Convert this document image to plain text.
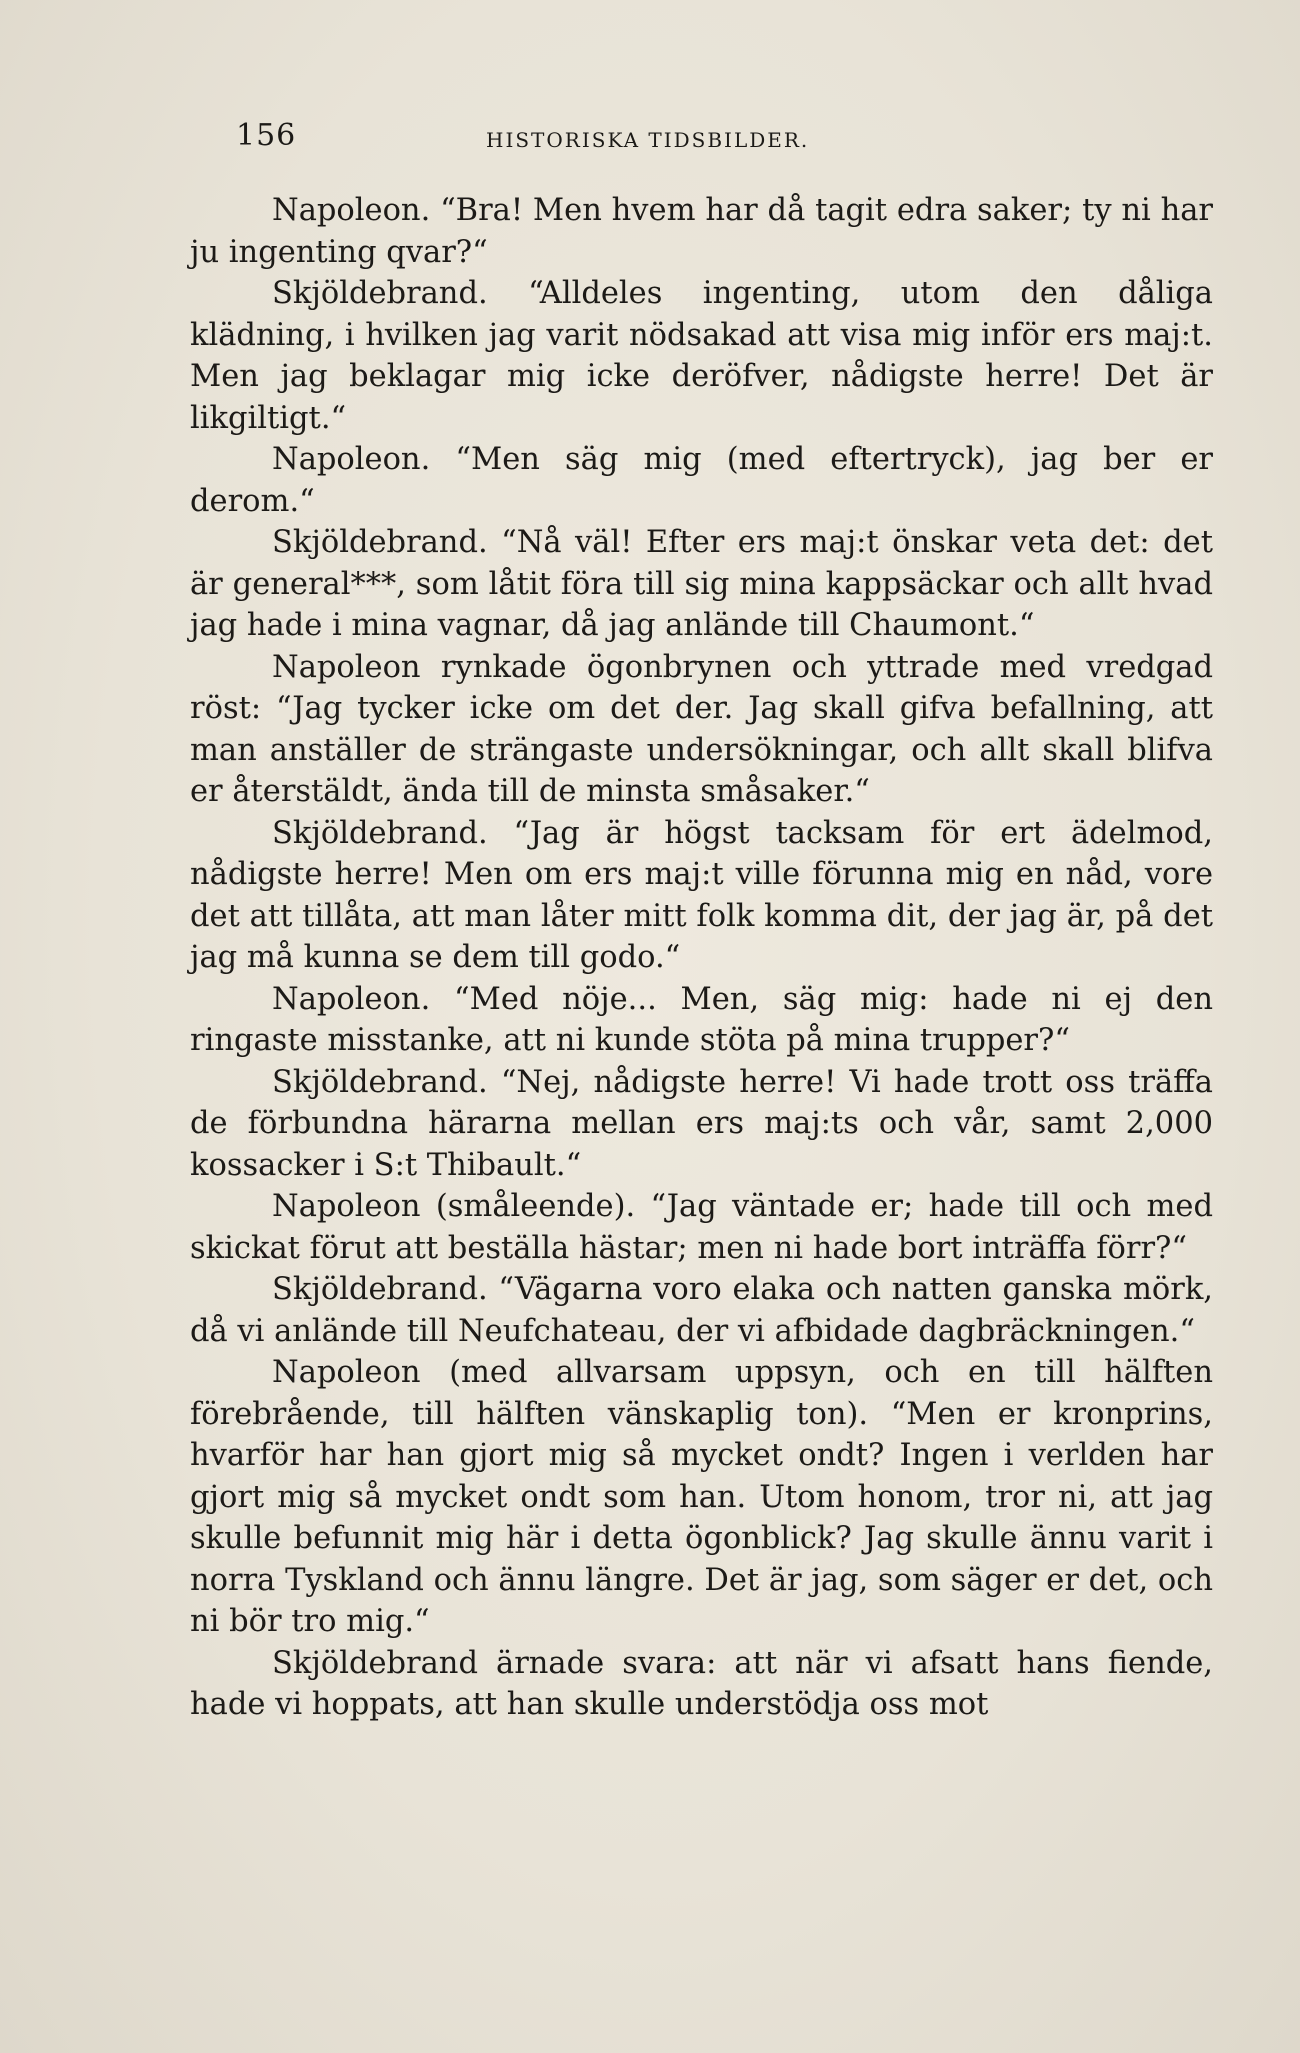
156	HISTORISKA TIDSBILDER.

Napoleon. “Bra! Men hvem har då tagit edra saker; ty ni har ju ingenting qvar?“

Skjöldebrand. “Alldeles ingenting, utom den dåliga klädning, i hvilken jag varit nödsakad att visa mig inför ers maj:t. Men jag beklagar mig icke deröfver, nådigste herre! Det är likgiltigt.“

Napoleon. “Men säg mig (med eftertryck), jag ber er derom.“

Skjöldebrand. “Nå väl! Efter ers maj:t önskar veta det: det är general***, som låtit föra till sig mina kappsäckar och allt hvad jag hade i mina vagnar, då jag anlände till Chaumont.“

Napoleon rynkade ögonbrynen och yttrade med vredgad röst: “Jag tycker icke om det der. Jag skall gifva befallning, att man anställer de strängaste undersökningar, och allt skall blifva er återstäldt, ända till de minsta småsaker.“

Skjöldebrand. “Jag är högst tacksam för ert ädelmod, nådigste herre! Men om ers maj:t ville förunna mig en nåd, vore det att tillåta, att man låter mitt folk komma dit, der jag är, på det jag må kunna se dem till godo.“

Napoleon. “Med nöje... Men, säg mig: hade ni ej den ringaste misstanke, att ni kunde stöta på mina trupper?“

Skjöldebrand. “Nej, nådigste herre! Vi hade trott oss träffa de förbundna härarna mellan ers maj:ts och vår, samt 2,000 kossacker i S:t Thibault.“

Napoleon (småleende). “Jag väntade er; hade till och med skickat förut att beställa hästar; men ni hade bort inträffa förr?“

Skjöldebrand. “Vägarna voro elaka och natten ganska mörk, då vi anlände till Neufchateau, der vi afbidade dagbräckningen.“

Napoleon (med allvarsam uppsyn, och en till hälften förebrående, till hälften vänskaplig ton). “Men er kronprins, hvarför har han gjort mig så mycket ondt? Ingen i verlden har gjort mig så mycket ondt som han. Utom honom, tror ni, att jag skulle befunnit mig här i detta ögonblick? Jag skulle ännu varit i norra Tyskland och ännu längre. Det är jag, som säger er det, och ni bör tro mig.“

Skjöldebrand ärnade svara: att när vi afsatt hans fiende, hade vi hoppats, att han skulle understödja oss mot
